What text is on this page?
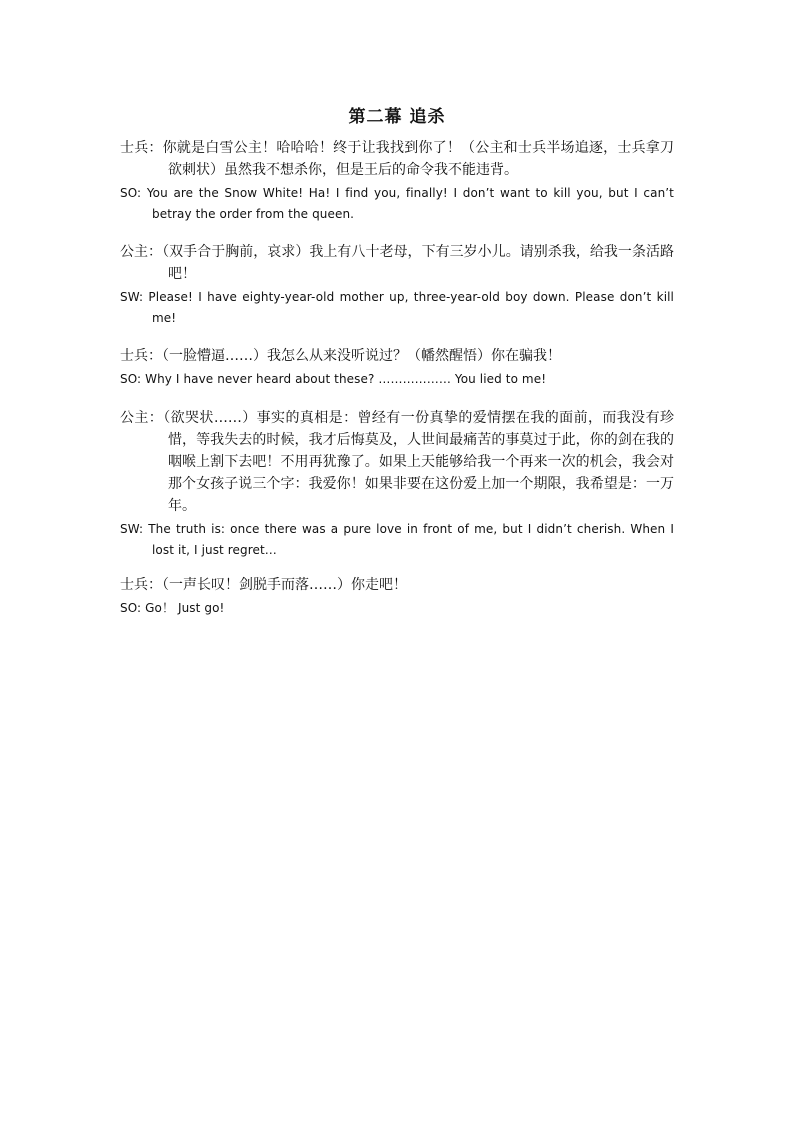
第二幕 追杀

士兵：你就是白雪公主！哈哈哈！终于让我找到你了！（公主和士兵半场追逐，士兵拿刀欲刺状）虽然我不想杀你，但是王后的命令我不能违背。

SO: You are the Snow White! Ha! I find you, finally! I don’t want to kill you, but I can’t betray the order from the queen.

公主：（双手合于胸前，哀求）我上有八十老母，下有三岁小儿。请别杀我，给我一条活路吧！

SW: Please! I have eighty-year-old mother up, three-year-old boy down. Please don’t kill me!

士兵：（一脸懵逼……）我怎么从来没听说过？（幡然醒悟）你在骗我！

SO: Why I have never heard about these? ……………… You lied to me!

公主：（欲哭状……）事实的真相是：曾经有一份真挚的爱情摆在我的面前，而我没有珍惜，等我失去的时候，我才后悔莫及，人世间最痛苦的事莫过于此，你的剑在我的咽喉上割下去吧！不用再犹豫了。如果上天能够给我一个再来一次的机会，我会对那个女孩子说三个字：我爱你！如果非要在这份爱上加一个期限，我希望是：一万年。

SW: The truth is: once there was a pure love in front of me, but I didn’t cherish. When I lost it, I just regret…

士兵：（一声长叹！剑脱手而落……）你走吧！

SO: Go！ Just go!
